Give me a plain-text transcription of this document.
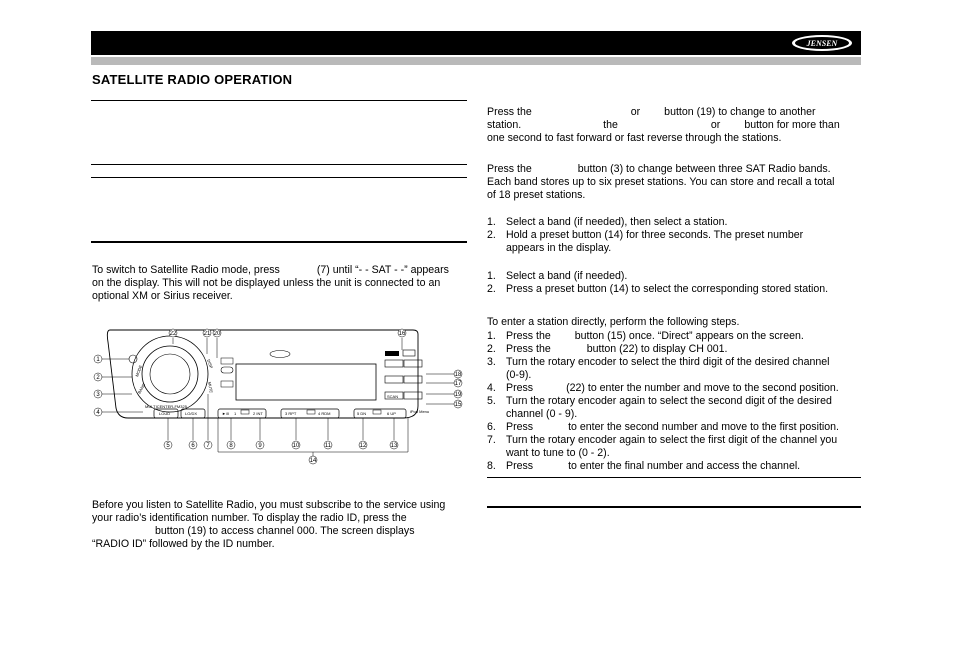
JENSEN
SATELLITE RADIO OPERATION
To switch to Satellite Radio mode, press	(7) until “- - SAT - -” appears
on the display. This will not be displayed unless the unit is connected to an
optional XM or Sirius receiver.
MODE
BAND
DISP
MUTE
SCAN
MULTICENTER-FM325
LOUD	LO/DX	►/II 1	2 INT	3 RPT	4 RDM	5 DN	6 UP	iPod Menu
1
2
3
4
5	6 7	8	9	10	11	12	13
14
15
16
17
18
19
20
21
22
Before you listen to Satellite Radio, you must subscribe to the service using
your radio’s identification number. To display the radio ID, press the
button (19) to access channel 000. The screen displays
“RADIO ID” followed by the ID number.
Press the	or button (19) to change to another
station.	the	or button for more than
one second to fast forward or fast reverse through the stations.
Press the	button (3) to change between three SAT Radio bands.
Each band stores up to six preset stations. You can store and recall a total
of 18 preset stations.
1. Select a band (if needed), then select a station.
2. Hold a preset button (14) for three seconds. The preset number
appears in the display.
1. Select a band (if needed).
2. Press a preset button (14) to select the corresponding stored station.
To enter a station directly, perform the following steps.
1. Press the button (15) once. “Direct” appears on the screen.
2. Press the	button (22) to display CH 001.
3. Turn the rotary encoder to select the third digit of the desired channel
(0-9).
4. Press	(22) to enter the number and move to the second position.
5. Turn the rotary encoder again to select the second digit of the desired
channel (0 - 9).
6. Press	to enter the second number and move to the first position.
7. Turn the rotary encoder again to select the first digit of the channel you
want to tune to (0 - 2).
8. Press	to enter the final number and access the channel.
